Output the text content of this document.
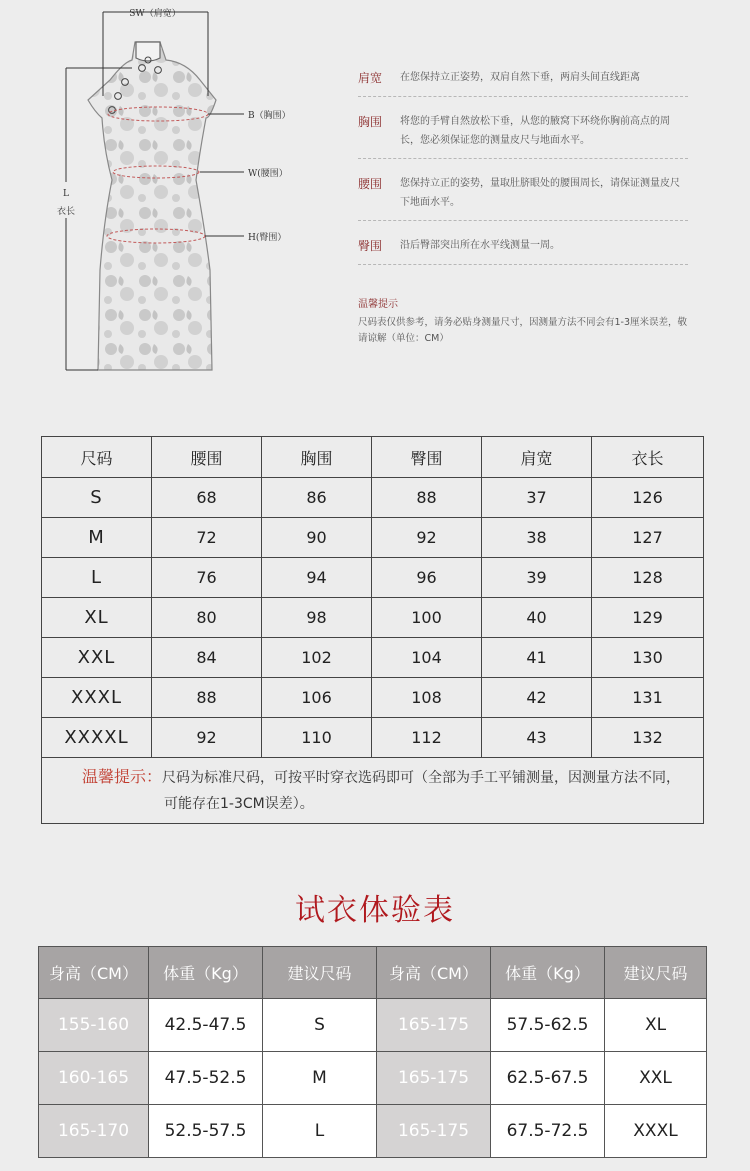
SW（肩宽）
B（胸围）
W(腰围）
H(臀围）
L
衣长
肩宽	在您保持立正姿势，双肩自然下垂，两肩头间直线距离
胸围	将您的手臂自然放松下垂，从您的腋窝下环绕你胸前高点的周长，您必须保证您的测量皮尺与地面水平。
腰围	您保持立正的姿势，量取肚脐眼处的腰围周长，请保证测量皮尺下地面水平。
臀围	沿后臀部突出所在水平线测量一周。
温馨提示
尺码表仅供参考，请务必贴身测量尺寸，因测量方法不同会有1-3厘米误差，敬请谅解（单位：CM）
尺码	腰围	胸围	臀围	肩宽	衣长
S	68	86	88	37	126
M	72	90	92	38	127
L	76	94	96	39	128
XL	80	98	100	40	129
XXL	84	102	104	41	130
XXXL	88	106	108	42	131
XXXXL	92	110	112	43	132
温馨提示：尺码为标准尺码，可按平时穿衣选码即可（全部为手工平铺测量，因测量方法不同，
可能存在1-3CM误差）。					
试衣体验表
身高（CM）	体重（Kg）	建议尺码	身高（CM）	体重（Kg）	建议尺码
155-160	42.5-47.5	S	165-175	57.5-62.5	XL
160-165	47.5-52.5	M	165-175	62.5-67.5	XXL
165-170	52.5-57.5	L	165-175	67.5-72.5	XXXL
